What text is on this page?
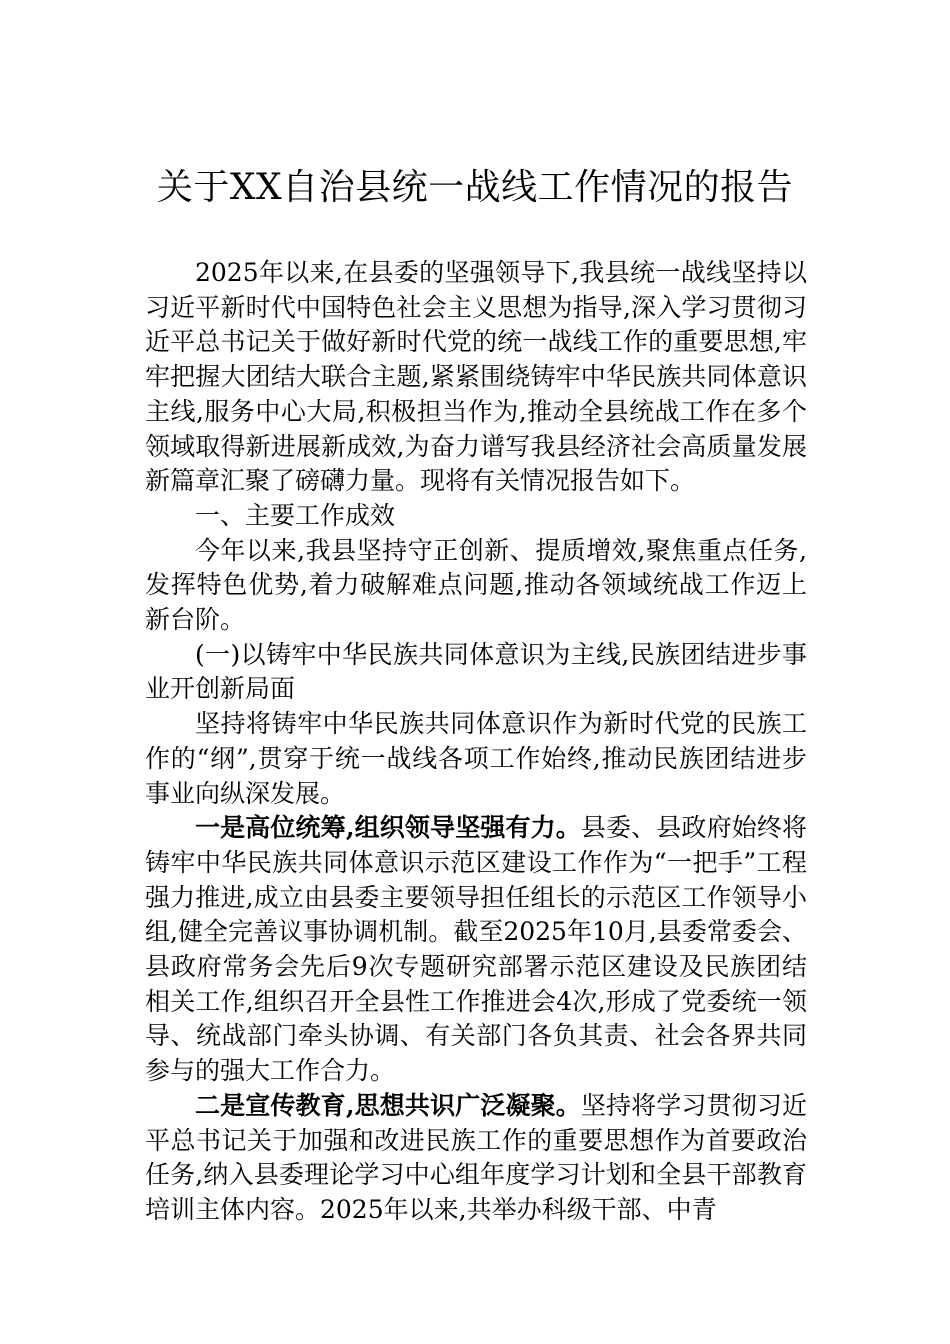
关于XX自治县统一战线工作情况的报告

2025年以来,在县委的坚强领导下,我县统一战线坚持以习近平新时代中国特色社会主义思想为指导,深入学习贯彻习近平总书记关于做好新时代党的统一战线工作的重要思想,牢牢把握大团结大联合主题,紧紧围绕铸牢中华民族共同体意识主线,服务中心大局,积极担当作为,推动全县统战工作在多个领域取得新进展新成效,为奋力谱写我县经济社会高质量发展新篇章汇聚了磅礴力量。现将有关情况报告如下。

一、主要工作成效

今年以来,我县坚持守正创新、提质增效,聚焦重点任务,发挥特色优势,着力破解难点问题,推动各领域统战工作迈上新台阶。

(一)以铸牢中华民族共同体意识为主线,民族团结进步事业开创新局面

坚持将铸牢中华民族共同体意识作为新时代党的民族工作的“纲”,贯穿于统一战线各项工作始终,推动民族团结进步事业向纵深发展。

一是高位统筹,组织领导坚强有力。县委、县政府始终将铸牢中华民族共同体意识示范区建设工作作为“一把手”工程强力推进,成立由县委主要领导担任组长的示范区工作领导小组,健全完善议事协调机制。截至2025年10月,县委常委会、县政府常务会先后9次专题研究部署示范区建设及民族团结相关工作,组织召开全县性工作推进会4次,形成了党委统一领导、统战部门牵头协调、有关部门各负其责、社会各界共同参与的强大工作合力。

二是宣传教育,思想共识广泛凝聚。坚持将学习贯彻习近平总书记关于加强和改进民族工作的重要思想作为首要政治任务,纳入县委理论学习中心组年度学习计划和全县干部教育培训主体内容。2025年以来,共举办科级干部、中青
